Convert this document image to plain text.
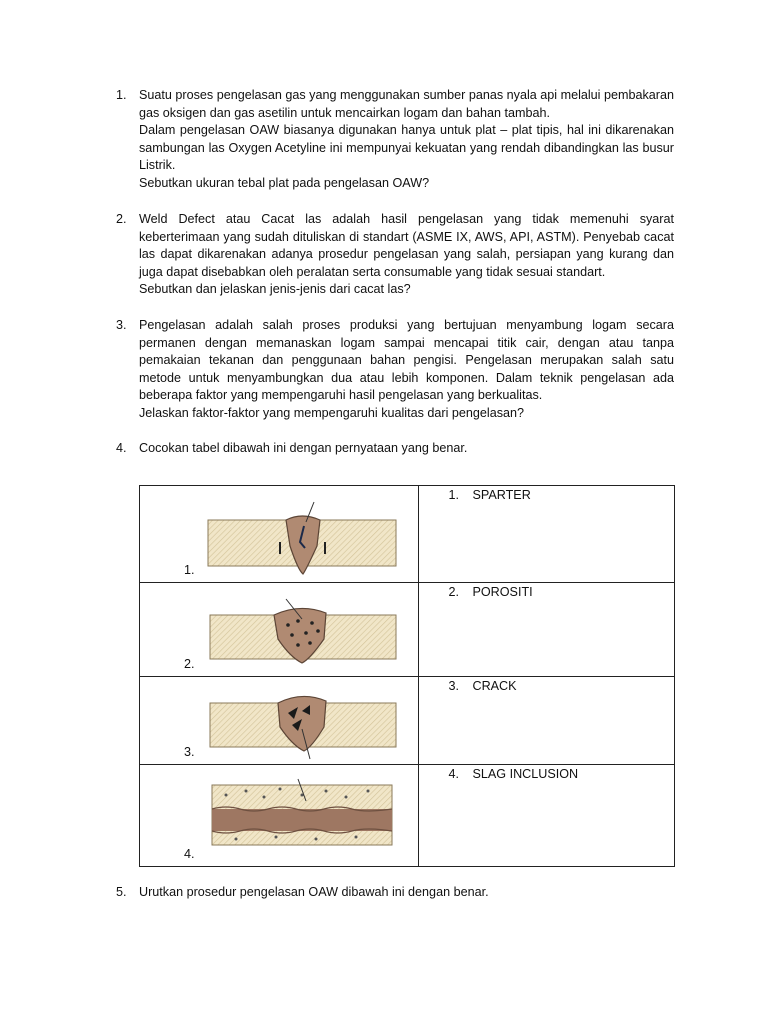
1. Suatu proses pengelasan gas yang menggunakan sumber panas nyala api melalui pembakaran gas oksigen dan gas asetilin untuk mencairkan logam dan bahan tambah.

Dalam pengelasan OAW biasanya digunakan hanya untuk plat – plat tipis, hal ini dikarenakan sambungan las Oxygen Acetyline ini mempunyai kekuatan yang rendah dibandingkan las busur Listrik.

Sebutkan ukuran tebal plat pada pengelasan OAW?

2. Weld Defect atau Cacat las adalah hasil pengelasan yang tidak memenuhi syarat keberterimaan yang sudah dituliskan di standart (ASME IX, AWS, API, ASTM). Penyebab cacat las dapat dikarenakan adanya prosedur pengelasan yang salah, persiapan yang kurang dan juga dapat disebabkan oleh peralatan serta consumable yang tidak sesuai standart.

Sebutkan dan jelaskan jenis-jenis dari cacat las?

3. Pengelasan adalah salah proses produksi yang bertujuan menyambung logam secara permanen dengan memanaskan logam sampai mencapai titik cair, dengan atau tanpa pemakaian tekanan dan penggunaan bahan pengisi. Pengelasan merupakan salah satu metode untuk menyambungkan dua atau lebih komponen. Dalam teknik pengelasan ada beberapa faktor yang mempengaruhi hasil pengelasan yang berkualitas.

Jelaskan faktor-faktor yang mempengaruhi kualitas dari pengelasan?

4. Cocokan tabel dibawah ini dengan pernyataan yang benar.

1.	1. SPARTER

2.	2. POROSITI

3.	3. CRACK

4.	4. SLAG INCLUSION
5. Urutkan prosedur pengelasan OAW dibawah ini dengan benar.
